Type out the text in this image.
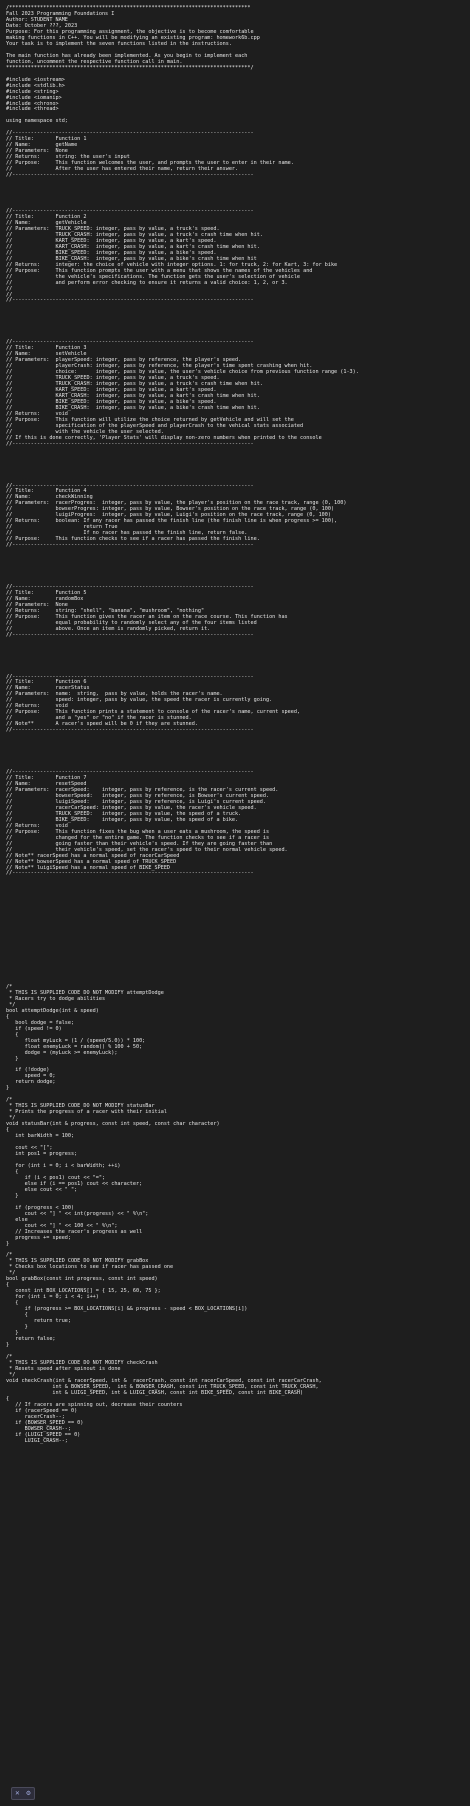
/******************************************************************************
Fall 2023 Programming Foundations I
Author: STUDENT NAME
Date: October ???, 2023
Purpose: For this programming assignment, the objective is to become comfortable
making functions in C++. You will be modifying an existing program: homework6b.cpp
Your task is to implement the seven functions listed in the instructions.

The main function has already been implemented. As you begin to implement each
function, uncomment the respective function call in main.
*******************************************************************************/

#include <iostream>
#include <stdlib.h>
#include <string>
#include <iomanip>
#include <chrono>
#include <thread>

using namespace std;

//------------------------------------------------------------------------------
// Title:       Function 1
// Name:        getName
// Parameters:  None
// Returns:     string: the user's input
// Purpose:     This function welcomes the user, and prompts the user to enter in their name.
//              After the user has entered their name, return their answer.
//------------------------------------------------------------------------------

//------------------------------------------------------------------------------
// Title:       Function 2
// Name:        getVehicle
// Parameters:  TRUCK_SPEED: integer, pass by value, a truck's speed.
//              TRUCK_CRASH: integer, pass by value, a truck's crash time when hit.
//              KART_SPEED:  integer, pass by value, a kart's speed.
//              KART_CRASH:  integer, pass by value, a kart's crash time when hit.
//              BIKE_SPEED:  integer, pass by value, a bike's speed.
//              BIKE_CRASH:  integer, pass by value, a bike's crash time when hit
// Returns:     integer: the choice of vehicle with integer options. 1: for truck, 2: for Kart, 3: for bike
// Purpose:     This function prompts the user with a menu that shows the names of the vehicles and
//              the vehicle's specifications. The function gets the user's selection of vehicle
//              and perform error checking to ensure it returns a valid choice: 1, 2, or 3.
//
//
//------------------------------------------------------------------------------

//------------------------------------------------------------------------------
// Title:       Function 3
// Name:        setVehicle
// Parameters:  playerSpeed: integer, pass by reference, the player's speed.
//              playerCrash: integer, pass by reference, the player's time spent crashing when hit.
//              choice:      integer, pass by value, the user's vehicle choice from previous function range (1-3).
//              TRUCK_SPEED: integer, pass by value, a truck's speed.
//              TRUCK_CRASH: integer, pass by value, a truck's crash time when hit.
//              KART_SPEED:  integer, pass by value, a kart's speed.
//              KART_CRASH:  integer, pass by value, a kart's crash time when hit.
//              BIKE_SPEED:  integer, pass by value, a bike's speed.
//              BIKE_CRASH:  integer, pass by value, a bike's crash time when hit.
// Returns:     void
// Purpose:     This function will utilize the choice returned by getVehicle and will set the
//              specification of the playerSpeed and playerCrash to the vehical stats associated
//              with the vehicle the user selected.
// If this is done correctly, 'Player Stats' will display non-zero numbers when printed to the console
//------------------------------------------------------------------------------

//------------------------------------------------------------------------------
// Title:       Function 4
// Name:        checkWinning
// Parameters:  racerProgres:  integer, pass by value, the player's position on the race track, range (0, 100)
//              bowserProgres: integer, pass by value, Bowser's position on the race track, range (0, 100)
//              luigiProgres:  integer, pass by value, Luigi's position on the race track, range (0, 100)
// Returns:     boolean: If any racer has passed the finish line (the finish line is when progress >= 100),
//                       return True
//                       If no racer has passed the finish line, return false.
// Purpose:     This function checks to see if a racer has passed the finish line.
//------------------------------------------------------------------------------

//------------------------------------------------------------------------------
// Title:       Function 5
// Name:        randomBox
// Parameters:  None
// Returns:     string: "shell", "banana", "mushroom", "nothing"
// Purpose:     This function gives the racer an item on the race course. This function has
//              equal probability to randomly select any of the four items listed
//              above. Once an item is randomly picked, return it.
//------------------------------------------------------------------------------

//------------------------------------------------------------------------------
// Title:       Function 6
// Name:        racerStatus
// Parameters:  name:  string,  pass by value, holds the racer's name.
//              speed: integer, pass by value, the speed the racer is currently going.
// Returns:     void
// Purpose:     This function prints a statement to console of the racer's name, current speed,
//              and a "yes" or "no" if the racer is stunned.
// Note**       A racer's speed will be 0 if they are stunned.
//------------------------------------------------------------------------------

//------------------------------------------------------------------------------
// Title:       Function 7
// Name:        resetSpeed
// Parameters:  racerSpeed:    integer, pass by reference, is the racer's current speed.
//              bowserSpeed:   integer, pass by reference, is Bowser's current speed.
//              luigiSpeed:    integer, pass by reference, is Luigi's current speed.
//              racerCarSpeed: integer, pass by value, the racer's vehicle speed.
//              TRUCK_SPEED:   integer, pass by value, the speed of a truck.
//              BIKE_SPEED:    integer, pass by value, the speed of a bike.
// Returns:     void
// Purpose:     This function fixes the bug when a user eats a mushroom, the speed is
//              changed for the entire game. The function checks to see if a racer is
//              going faster than their vehicle's speed. If they are going faster than
//              their vehicle's speed, set the racer's speed to their normal vehicle speed.
// Note** racerSpeed has a normal speed of racerCarSpeed
// Note** bowserSpeed has a normal speed of TRUCK_SPEED
// Note** luigiSpeed has a normal speed of BIKE_SPEED
//------------------------------------------------------------------------------

/*
* THIS IS SUPPLIED CODE DO NOT MODIFY attemptDodge
* Racers try to dodge abilities
*/
bool attemptDodge(int & speed)
{
bool dodge = false;
if (speed != 0)
{
float myLuck = (1 / (speed/5.0)) * 100;
float enemyLuck = random() % 100 + 50;
dodge = (myLuck >= enemyLuck);
}

if (!dodge)
speed = 0;
return dodge;
}

/*
* THIS IS SUPPLIED CODE DO NOT MODIFY statusBar
* Prints the progress of a racer with their initial
*/
void statusBar(int & progress, const int speed, const char character)
{
int barWidth = 100;

cout << "[";
int pos1 = progress;

for (int i = 0; i < barWidth; ++i)
{
if (i < pos1) cout << "=";
else if (i == pos1) cout << character;
else cout << " ";
}

if (progress < 100)
cout << "] " << int(progress) << " %\n";
else
cout << "] " << 100 << " %\n";
// Increases the racer's progress as well
progress += speed;
}

/*
* THIS IS SUPPLIED CODE DO NOT MODIFY grabBox
* Checks box locations to see if racer has passed one
*/
bool grabBox(const int progress, const int speed)
{
const int BOX_LOCATIONS[] = { 15, 25, 60, 75 };
for (int i = 0; i < 4; i++)
{
if (progress >= BOX_LOCATIONS[i] && progress - speed < BOX_LOCATIONS[i])
{
return true;
}
}
return false;
}

/*
* THIS IS SUPPLIED CODE DO NOT MODIFY checkCrash
* Resets speed after spinout is done
*/
void checkCrash(int & racerSpeed, int &  racerCrash, const int racerCarSpeed, const int racerCarCrash,
int & BOWSER_SPEED,  int & BOWSER_CRASH, const int TRUCK_SPEED, const int TRUCK_CRASH,
int & LUIGI_SPEED, int & LUIGI_CRASH, const int BIKE_SPEED, const int BIKE_CRASH)
{
// If racers are spinning out, decrease their counters
if (racerSpeed == 0)
racerCrash--;
if (BOWSER_SPEED == 0)
BOWSER_CRASH--;
if (LUIGI_SPEED == 0)
LUIGI_CRASH--;
✕ ⚙
